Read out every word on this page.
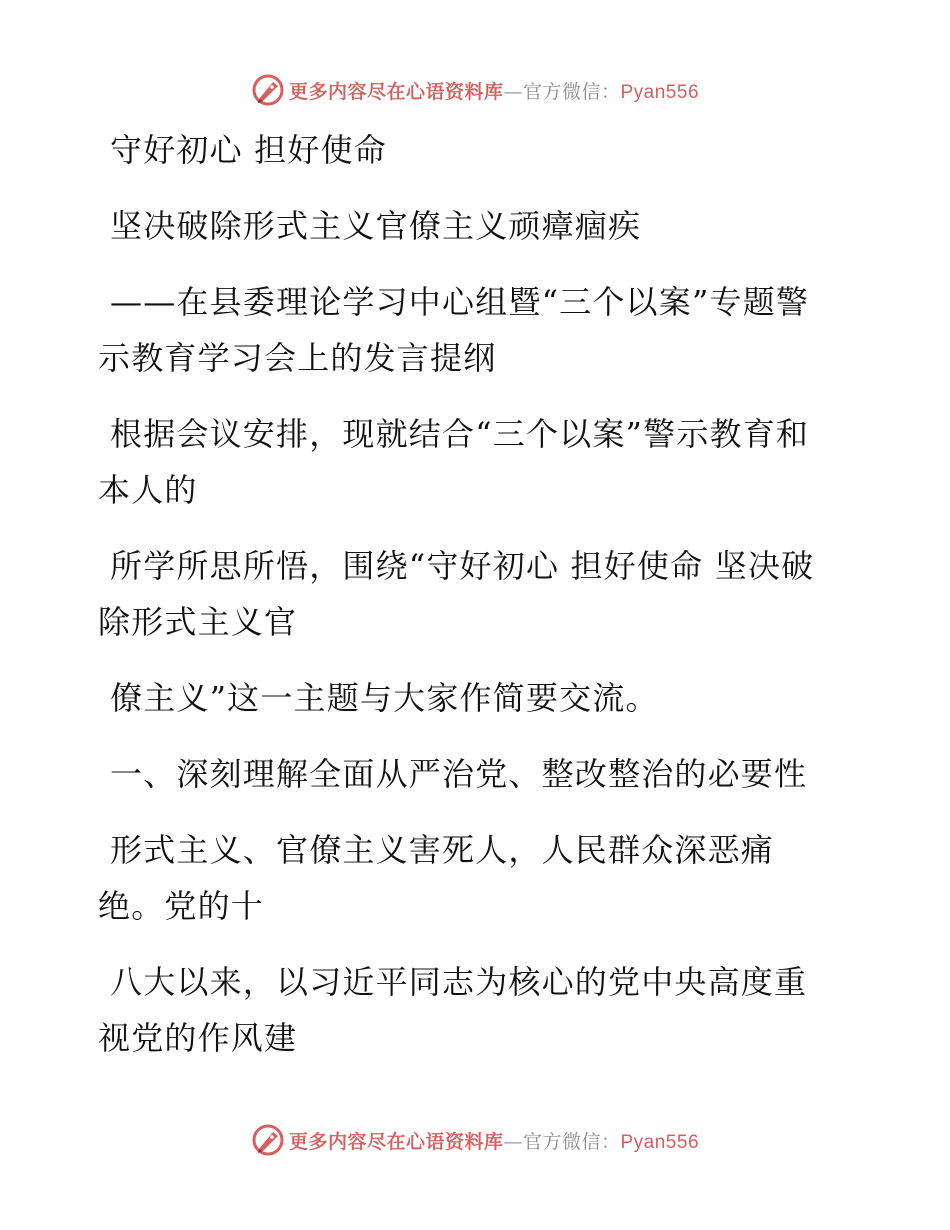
更多内容尽在心语资料库—官方微信：Pyan556

守好初心 担好使命

坚决破除形式主义官僚主义顽瘴痼疾

——在县委理论学习中心组暨“三个以案”专题警示教育学习会上的发言提纲

根据会议安排，现就结合“三个以案”警示教育和本人的

所学所思所悟，围绕“守好初心 担好使命 坚决破除形式主义官

僚主义”这一主题与大家作简要交流。

一、深刻理解全面从严治党、整改整治的必要性

形式主义、官僚主义害死人，人民群众深恶痛绝。党的十

八大以来，以习近平同志为核心的党中央高度重视党的作风建

更多内容尽在心语资料库—官方微信：Pyan556
